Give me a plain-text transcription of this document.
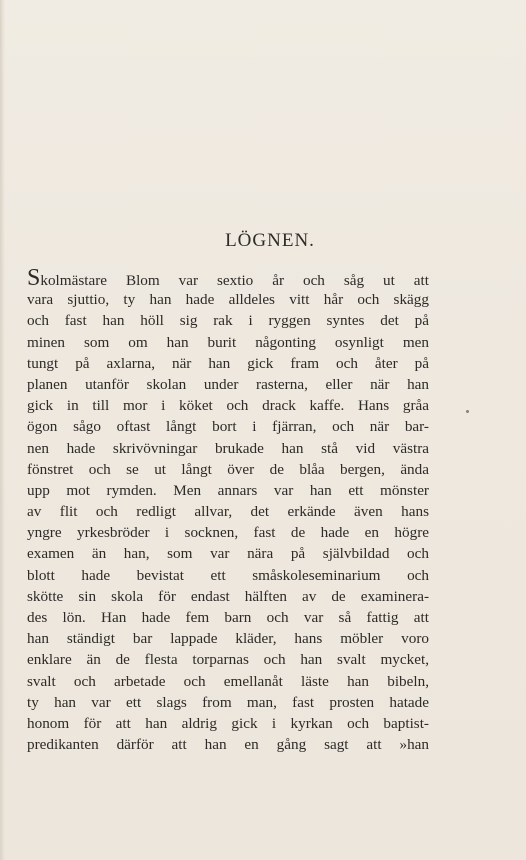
LÖGNEN.
Skolmästare Blom var sextio år och såg ut att
vara sjuttio, ty han hade alldeles vitt hår och skägg
och fast han höll sig rak i ryggen syntes det på
minen som om han burit någonting osynligt men
tungt på axlarna, när han gick fram och åter på
planen utanför skolan under rasterna, eller när han
gick in till mor i köket och drack kaffe. Hans gråa
ögon sågo oftast långt bort i fjärran, och när bar-
nen hade skrivövningar brukade han stå vid västra
fönstret och se ut långt över de blåa bergen, ända
upp mot rymden. Men annars var han ett mönster
av flit och redligt allvar, det erkände även hans
yngre yrkesbröder i socknen, fast de hade en högre
examen än han, som var nära på självbildad och
blott hade bevistat ett småskoleseminarium och
skötte sin skola för endast hälften av de examinera-
des lön. Han hade fem barn och var så fattig att
han ständigt bar lappade kläder, hans möbler voro
enklare än de flesta torparnas och han svalt mycket,
svalt och arbetade och emellanåt läste han bibeln,
ty han var ett slags from man, fast prosten hatade
honom för att han aldrig gick i kyrkan och baptist-
predikanten därför att han en gång sagt att »han
